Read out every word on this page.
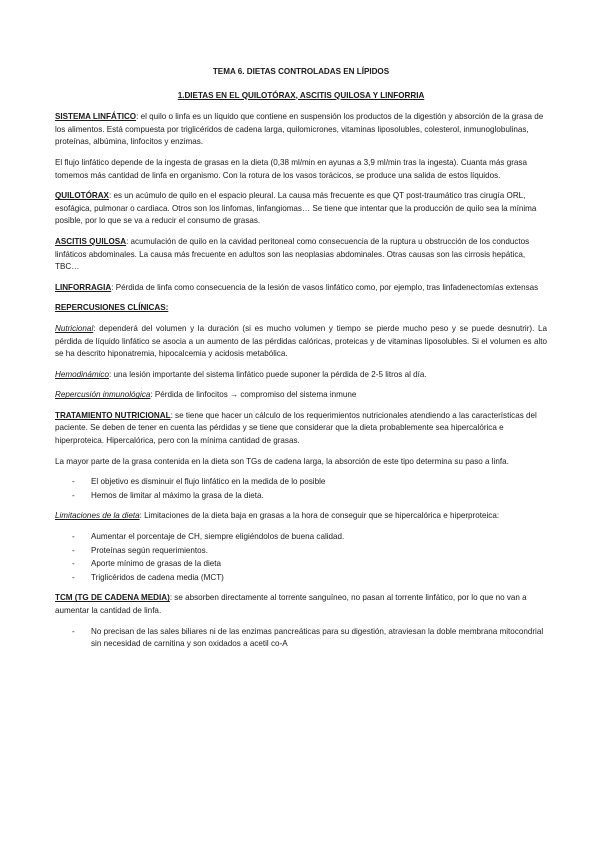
TEMA 6. DIETAS CONTROLADAS EN LÍPIDOS

1.DIETAS EN EL QUILOTÓRAX, ASCITIS QUILOSA Y LINFORRIA

SISTEMA LINFÁTICO: el quilo o linfa es un líquido que contiene en suspensión los productos de la digestión y absorción de la grasa de los alimentos. Está compuesta por triglicéridos de cadena larga, quilomicrones, vitaminas liposolubles, colesterol, inmunoglobulinas, proteínas, albúmina, linfocitos y enzimas.

El flujo linfático depende de la ingesta de grasas en la dieta (0,38 ml/min en ayunas a 3,9 ml/min tras la ingesta). Cuanta más grasa tomemos más cantidad de linfa en organismo. Con la rotura de los vasos torácicos, se produce una salida de estos líquidos.

QUILOTÓRAX: es un acúmulo de quilo en el espacio pleural. La causa más frecuente es que QT post-traumático tras cirugía ORL, esofágica, pulmonar o cardiaca. Otros son los linfomas, linfangiomas… Se tiene que intentar que la producción de quilo sea la mínima posible, por lo que se va a reducir el consumo de grasas.

ASCITIS QUILOSA: acumulación de quilo en la cavidad peritoneal como consecuencia de la ruptura u obstrucción de los conductos linfáticos abdominales. La causa más frecuente en adultos son las neoplasias abdominales. Otras causas son las cirrosis hepática, TBC…

LINFORRAGIA: Pérdida de linfa como consecuencia de la lesión de vasos linfático como, por ejemplo, tras linfadenectomías extensas

REPERCUSIONES CLÍNICAS:

Nutricional: dependerá del volumen y la duración (si es mucho volumen y tiempo se pierde mucho peso y se puede desnutrir). La pérdida de líquido linfático se asocia a un aumento de las pérdidas calóricas, proteicas y de vitaminas liposolubles. Si el volumen es alto se ha descrito hiponatremia, hipocalcemia y acidosis metabólica.

Hemodinámico: una lesión importante del sistema linfático puede suponer la pérdida de 2-5 litros al día.

Repercusión inmunológica: Pérdida de linfocitos → compromiso del sistema inmune

TRATAMIENTO NUTRICIONAL: se tiene que hacer un cálculo de los requerimientos nutricionales atendiendo a las características del paciente. Se deben de tener en cuenta las pérdidas y se tiene que considerar que la dieta probablemente sea hipercalórica e hiperproteica. Hipercalórica, pero con la mínima cantidad de grasas.

La mayor parte de la grasa contenida en la dieta son TGs de cadena larga, la absorción de este tipo determina su paso a linfa.

- El objetivo es disminuir el flujo linfático en la medida de lo posible
- Hemos de limitar al máximo la grasa de la dieta.

Limitaciones de la dieta: Limitaciones de la dieta baja en grasas a la hora de conseguir que se hipercalórica e hiperproteica:

- Aumentar el porcentaje de CH, siempre eligiéndolos de buena calidad.
- Proteínas según requerimientos.
- Aporte mínimo de grasas de la dieta
- Triglicéridos de cadena media (MCT)

TCM (TG DE CADENA MEDIA): se absorben directamente al torrente sanguíneo, no pasan al torrente linfático, por lo que no van a aumentar la cantidad de linfa.

- No precisan de las sales biliares ni de las enzimas pancreáticas para su digestión, atraviesan la doble membrana mitocondrial sin necesidad de carnitina y son oxidados a acetil co-A
